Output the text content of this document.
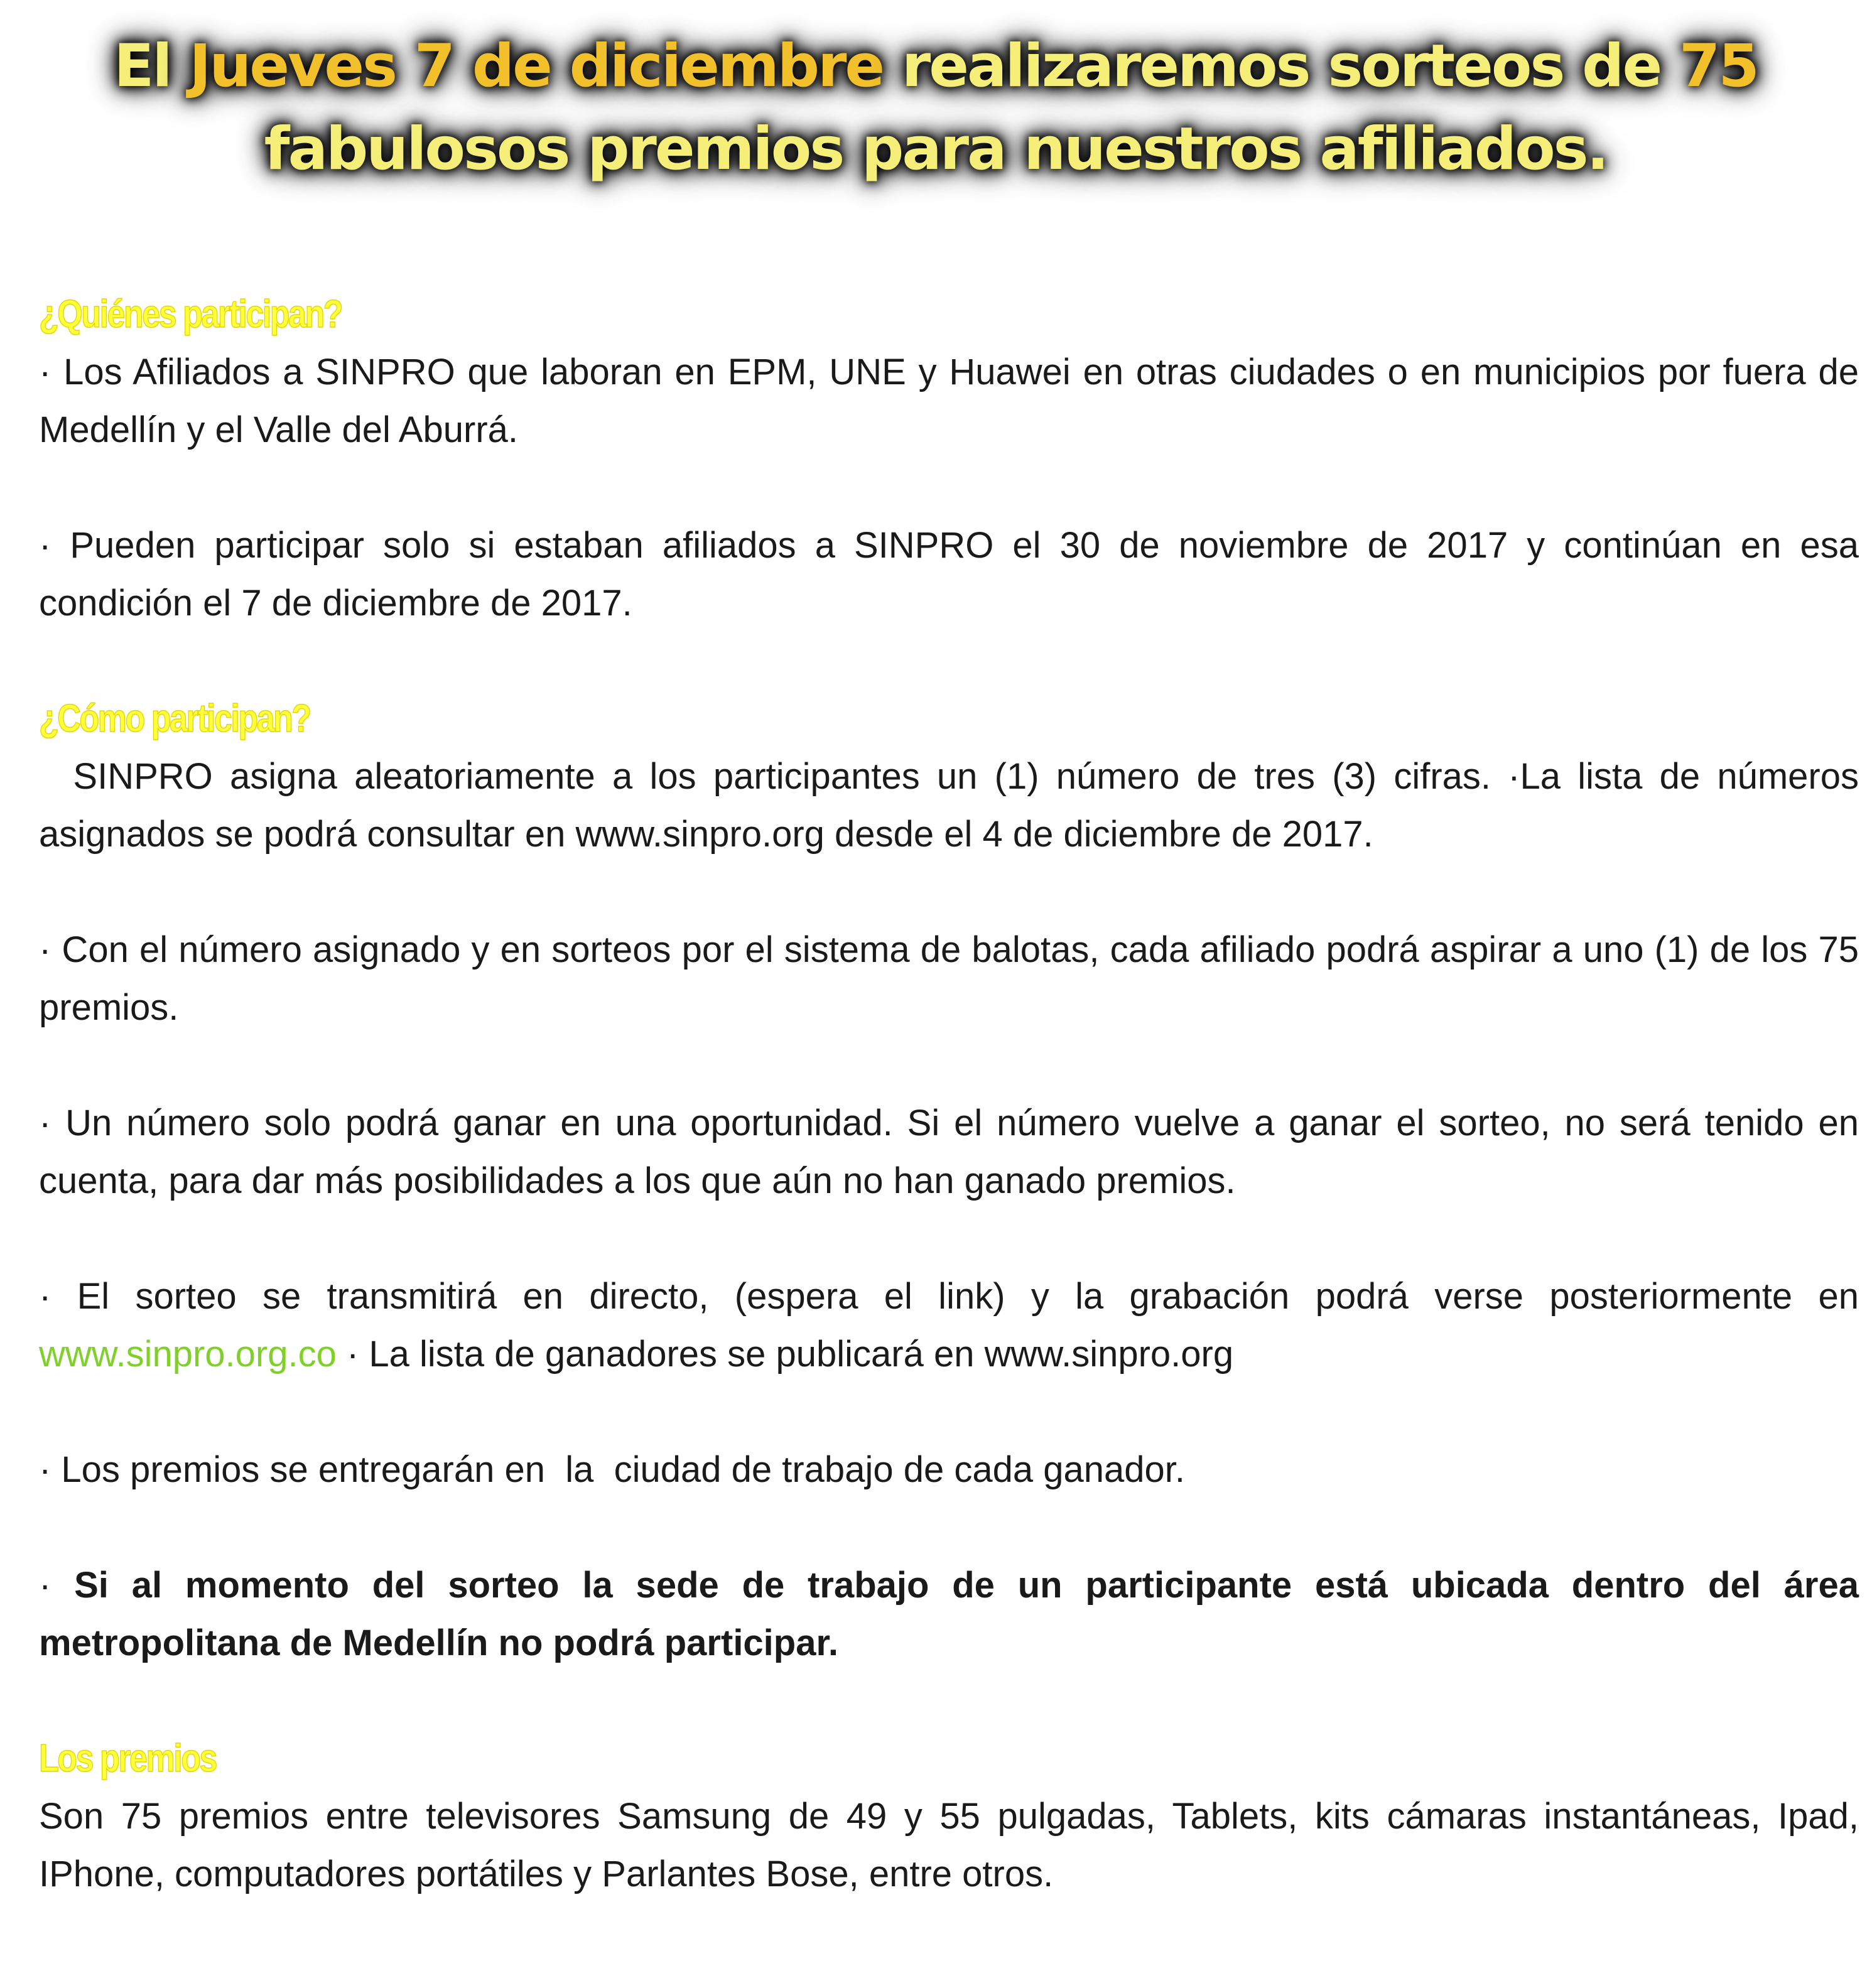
El Jueves 7 de diciembre realizaremos sorteos de 75 fabulosos premios para nuestros afiliados.

¿Quiénes participan?

· Los Afiliados a SINPRO que laboran en EPM, UNE y Huawei en otras ciudades o en municipios por fuera de Medellín y el Valle del Aburrá.

· Pueden participar solo si estaban afiliados a SINPRO el 30 de noviembre de 2017 y continúan en esa condición el 7 de diciembre de 2017.

¿Cómo participan?

SINPRO asigna aleatoriamente a los participantes un (1) número de tres (3) cifras. ·La lista de números asignados se podrá consultar en www.sinpro.org desde el 4 de diciembre de 2017.

· Con el número asignado y en sorteos por el sistema de balotas, cada afiliado podrá aspirar a uno (1) de los 75 premios.

· Un número solo podrá ganar en una oportunidad. Si el número vuelve a ganar el sorteo, no será tenido en cuenta, para dar más posibilidades a los que aún no han ganado premios.

· El sorteo se transmitirá en directo, (espera el link) y la grabación podrá verse posteriormente en www.sinpro.org.co · La lista de ganadores se publicará en www.sinpro.org

· Los premios se entregarán en  la  ciudad de trabajo de cada ganador.

· Si al momento del sorteo la sede de trabajo de un participante está ubicada dentro del área metropolitana de Medellín no podrá participar.

Los premios

Son 75 premios entre televisores Samsung de 49 y 55 pulgadas, Tablets, kits cámaras instantáneas, Ipad, IPhone, computadores portátiles y Parlantes Bose, entre otros.
